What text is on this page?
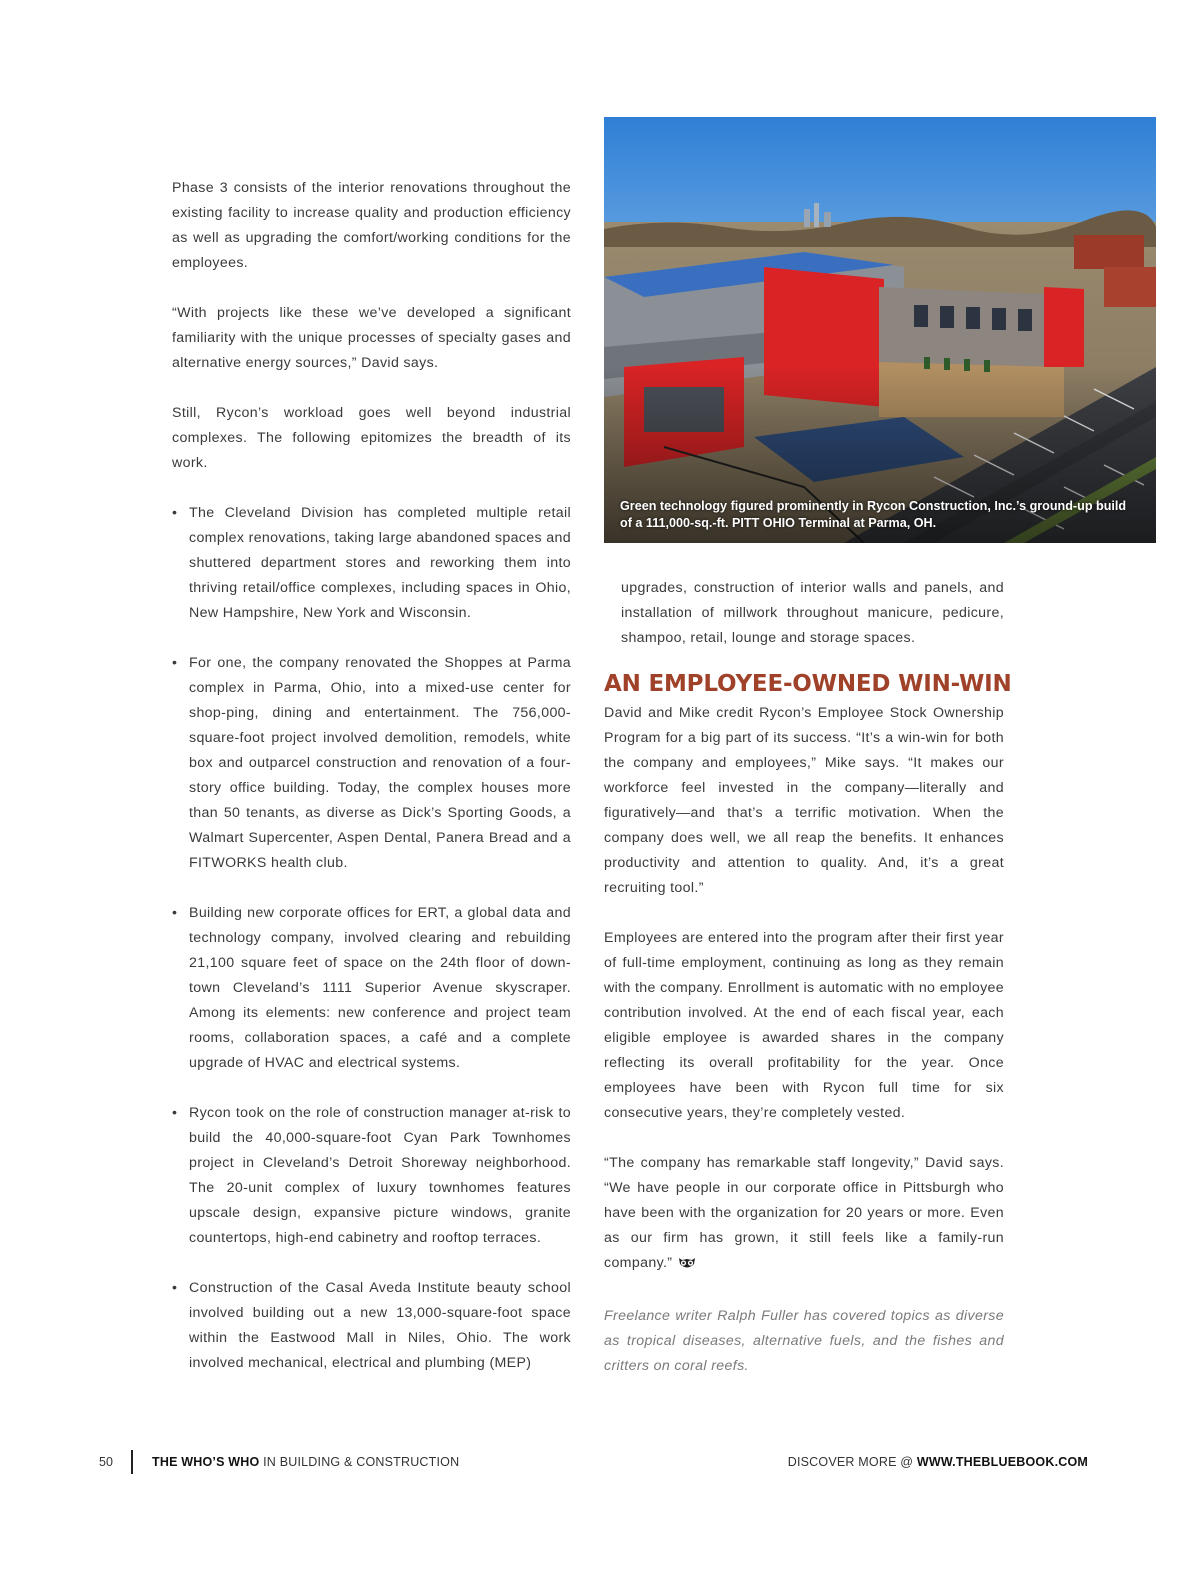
Phase 3 consists of the interior renovations throughout the existing facility to increase quality and production efficiency as well as upgrading the comfort/working conditions for the employees.

“With projects like these we’ve developed a significant familiarity with the unique processes of specialty gases and alternative energy sources,” David says.

Still, Rycon’s workload goes well beyond industrial complexes. The following epitomizes the breadth of its work.

• The Cleveland Division has completed multiple retail complex renovations, taking large abandoned spaces and shuttered department stores and reworking them into thriving retail/office complexes, including spaces in Ohio, New Hampshire, New York and Wisconsin.
• For one, the company renovated the Shoppes at Parma complex in Parma, Ohio, into a mixed-use center for shop-ping, dining and entertainment. The 756,000-square-foot project involved demolition, remodels, white box and outparcel construction and renovation of a four-story office building. Today, the complex houses more than 50 tenants, as diverse as Dick’s Sporting Goods, a Walmart Supercenter, Aspen Dental, Panera Bread and a FITWORKS health club.
• Building new corporate offices for ERT, a global data and technology company, involved clearing and rebuilding 21,100 square feet of space on the 24th floor of down-town Cleveland’s 1111 Superior Avenue skyscraper. Among its elements: new conference and project team rooms, collaboration spaces, a café and a complete upgrade of HVAC and electrical systems.
• Rycon took on the role of construction manager at-risk to build the 40,000-square-foot Cyan Park Townhomes project in Cleveland’s Detroit Shoreway neighborhood. The 20-unit complex of luxury townhomes features upscale design, expansive picture windows, granite countertops, high-end cabinetry and rooftop terraces.
• Construction of the Casal Aveda Institute beauty school involved building out a new 13,000-square-foot space within the Eastwood Mall in Niles, Ohio. The work involved mechanical, electrical and plumbing (MEP)

Green technology figured prominently in Rycon Construction, Inc.’s ground-up build of a 111,000-sq.-ft. PITT OHIO Terminal at Parma, OH.

upgrades, construction of interior walls and panels, and installation of millwork throughout manicure, pedicure, shampoo, retail, lounge and storage spaces.

AN EMPLOYEE-OWNED WIN-WIN

David and Mike credit Rycon’s Employee Stock Ownership Program for a big part of its success. “It’s a win-win for both the company and employees,” Mike says. “It makes our workforce feel invested in the company—literally and figuratively—and that’s a terrific motivation. When the company does well, we all reap the benefits. It enhances productivity and attention to quality. And, it’s a great recruiting tool.”

Employees are entered into the program after their first year of full-time employment, continuing as long as they remain with the company. Enrollment is automatic with no employee contribution involved. At the end of each fiscal year, each eligible employee is awarded shares in the company reflecting its overall profitability for the year. Once employees have been with Rycon full time for six consecutive years, they’re completely vested.

“The company has remarkable staff longevity,” David says. “We have people in our corporate office in Pittsburgh who have been with the organization for 20 years or more. Even as our firm has grown, it still feels like a family-run company.”

Freelance writer Ralph Fuller has covered topics as diverse as tropical diseases, alternative fuels, and the fishes and critters on coral reefs.

50	THE WHO’S WHO IN BUILDING & CONSTRUCTION	DISCOVER MORE @ WWW.THEBLUEBOOK.COM
